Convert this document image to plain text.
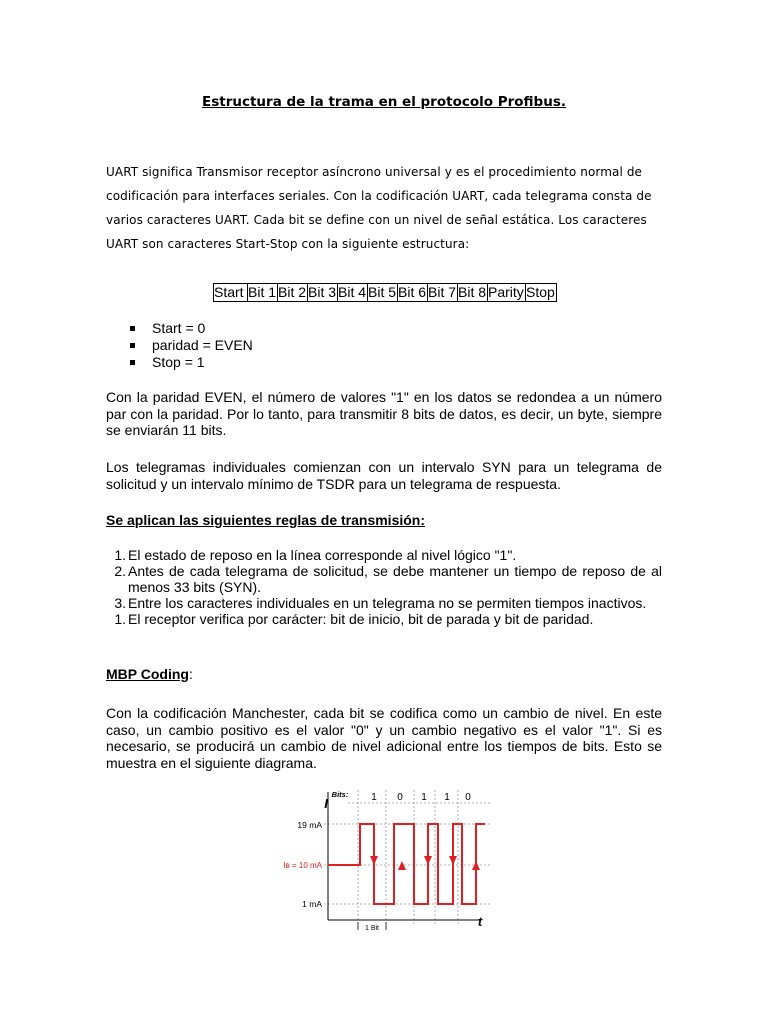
Estructura de la trama en el protocolo Profibus.
UART significa Transmisor receptor asíncrono universal y es el procedimiento normal de
codificación para interfaces seriales. Con la codificación UART, cada telegrama consta de
varios caracteres UART. Cada bit se define con un nivel de señal estática. Los caracteres
UART son caracteres Start-Stop con la siguiente estructura:
Start	Bit 1	Bit 2	Bit 3	Bit 4	Bit 5	Bit 6	Bit 7	Bit 8	Parity	Stop
Start = 0
paridad = EVEN
Stop = 1
Con la paridad EVEN, el número de valores "1" en los datos se redondea a un número par con la paridad. Por lo tanto, para transmitir 8 bits de datos, es decir, un byte, siempre se enviarán 11 bits.
Los telegramas individuales comienzan con un intervalo SYN para un telegrama de solicitud y un intervalo mínimo de TSDR para un telegrama de respuesta.
Se aplican las siguientes reglas de transmisión:
1. El estado de reposo en la línea corresponde al nivel lógico "1".
2. Antes de cada telegrama de solicitud, se debe mantener un tiempo de reposo de al menos 33 bits (SYN).
3. Entre los caracteres individuales en un telegrama no se permiten tiempos inactivos.
1. El receptor verifica por carácter: bit de inicio, bit de parada y bit de paridad.
MBP Coding:
Con la codificación Manchester, cada bit se codifica como un cambio de nivel. En este caso, un cambio positivo es el valor "0" y un cambio negativo es el valor "1". Si es necesario, se producirá un cambio de nivel adicional entre los tiempos de bits. Esto se muestra en el siguiente diagrama.
I
t
Bits: 1 0 1 1 0
19 mA
Iʙ = 10 mA
1 mA
1 Bit
